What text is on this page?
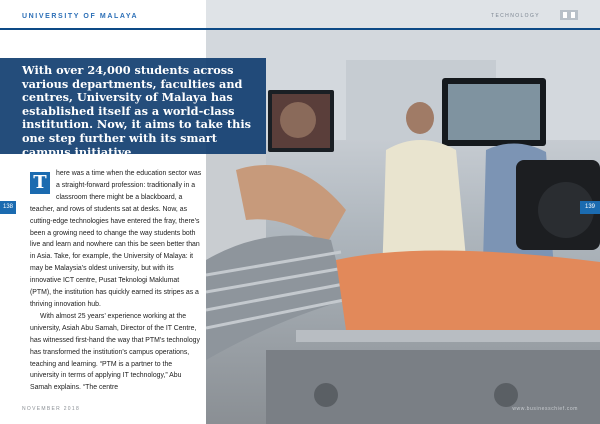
UNIVERSITY OF MALAYA	TECHNOLOGY
With over 24,000 students across various departments, faculties and centres, University of Malaya has established itself as a world-class institution. Now, it aims to take this one step further with its smart campus initiative
138	139

T	here was a time when the education sector was a straight-forward profession: traditionally in a classroom there might be a blackboard, a teacher, and rows of students sat at desks. Now, as cutting-edge technologies have entered the fray, there’s been a growing need to change the way students both live and learn and nowhere can this be seen better than in Asia. Take, for example, the University of Malaya: it may be Malaysia’s oldest university, but with its innovative ICT centre, Pusat Teknologi Maklumat (PTM), the institution has quickly earned its stripes as a thriving innovation hub.

With almost 25 years’ experience working at the university, Asiah Abu Samah, Director of the IT Centre, has witnessed first-hand the way that PTM’s technology has transformed the institution’s campus operations, teaching and learning. “PTM is a partner to the university in terms of applying IT technology,” Abu Samah explains. “The centre

NOVEMBER 2018	www.businesschief.com
